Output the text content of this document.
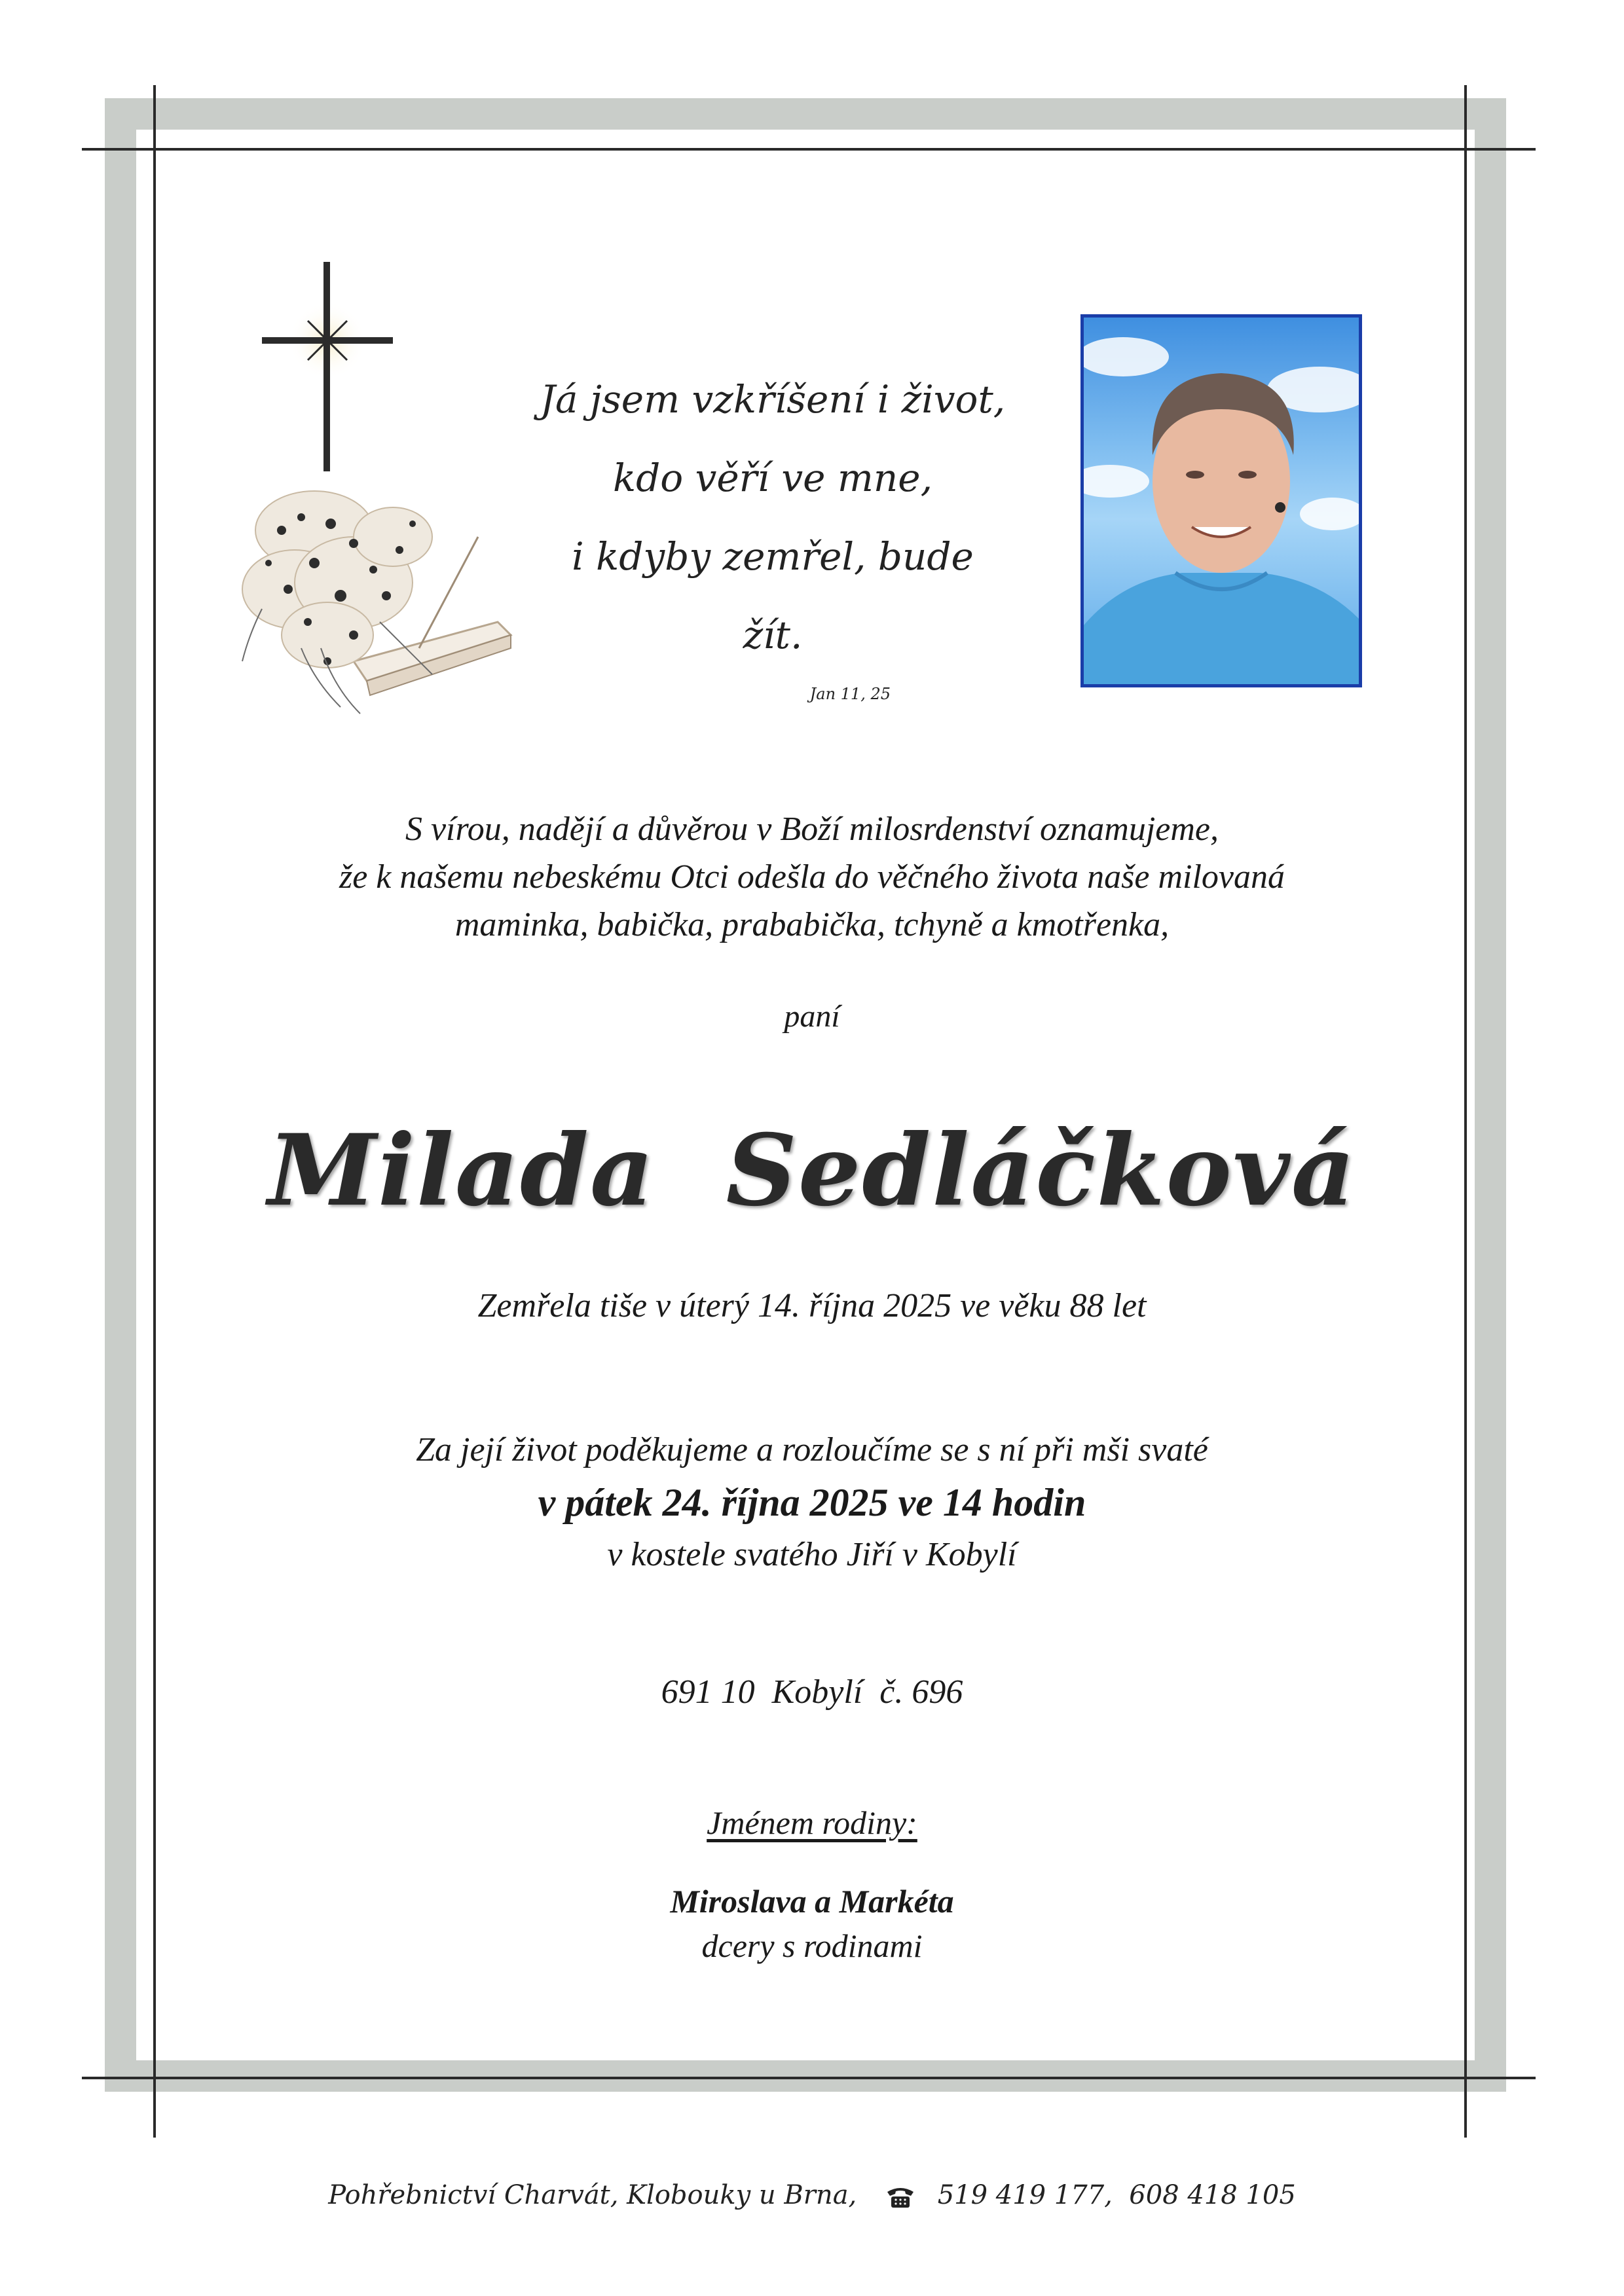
Já jsem vzkříšení i život,
kdo věří ve mne,
i kdyby zemřel, bude žít.
Jan 11, 25
S vírou, nadějí a důvěrou v Boží milosrdenství oznamujeme,
že k našemu nebeskému Otci odešla do věčného života naše milovaná
maminka, babička, prababička, tchyně a kmotřenka,
paní
Milada  Sedláčková
Zemřela tiše v úterý 14. října 2025 ve věku 88 let
Za její život poděkujeme a rozloučíme se s ní při mši svaté
v pátek 24. října 2025 ve 14 hodin
v kostele svatého Jiří v Kobylí
691 10  Kobylí  č. 696
Jménem rodiny:
Miroslava a Markéta
dcery s rodinami
Pohřebnictví Charvát, Klobouky u Brna,	519 419 177,  608 418 105
